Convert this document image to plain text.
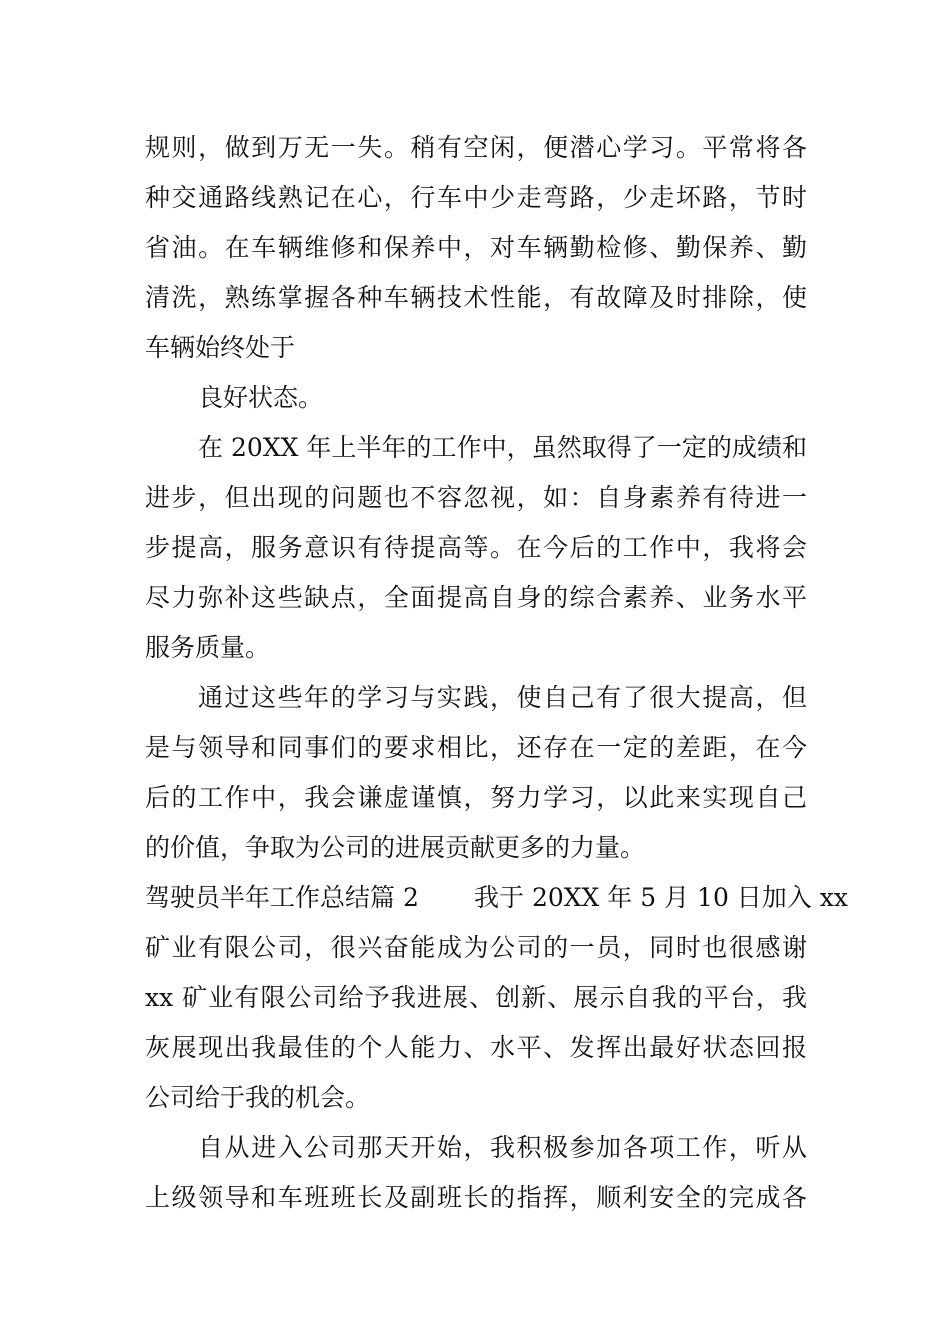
规则，做到万无一失。稍有空闲，便潜心学习。平常将各
种交通路线熟记在心，行车中少走弯路，少走坏路，节时
省油。在车辆维修和保养中，对车辆勤检修、勤保养、勤
清洗，熟练掌握各种车辆技术性能，有故障及时排除，使
车辆始终处于
良好状态。
在 20XX 年上半年的工作中，虽然取得了一定的成绩和
进步，但出现的问题也不容忽视，如：自身素养有待进一
步提高，服务意识有待提高等。在今后的工作中，我将会
尽力弥补这些缺点，全面提高自身的综合素养、业务水平
服务质量。
通过这些年的学习与实践，使自己有了很大提高，但
是与领导和同事们的要求相比，还存在一定的差距，在今
后的工作中，我会谦虚谨慎，努力学习，以此来实现自己
的价值，争取为公司的进展贡献更多的力量。
驾驶员半年工作总结篇 2 我于 20XX 年 5 月 10 日加入 xx
矿业有限公司，很兴奋能成为公司的一员，同时也很感谢
xx 矿业有限公司给予我进展、创新、展示自我的平台，我
灰展现出我最佳的个人能力、水平、发挥出最好状态回报
公司给于我的机会。
自从进入公司那天开始，我积极参加各项工作，听从
上级领导和车班班长及副班长的指挥，顺利安全的完成各
